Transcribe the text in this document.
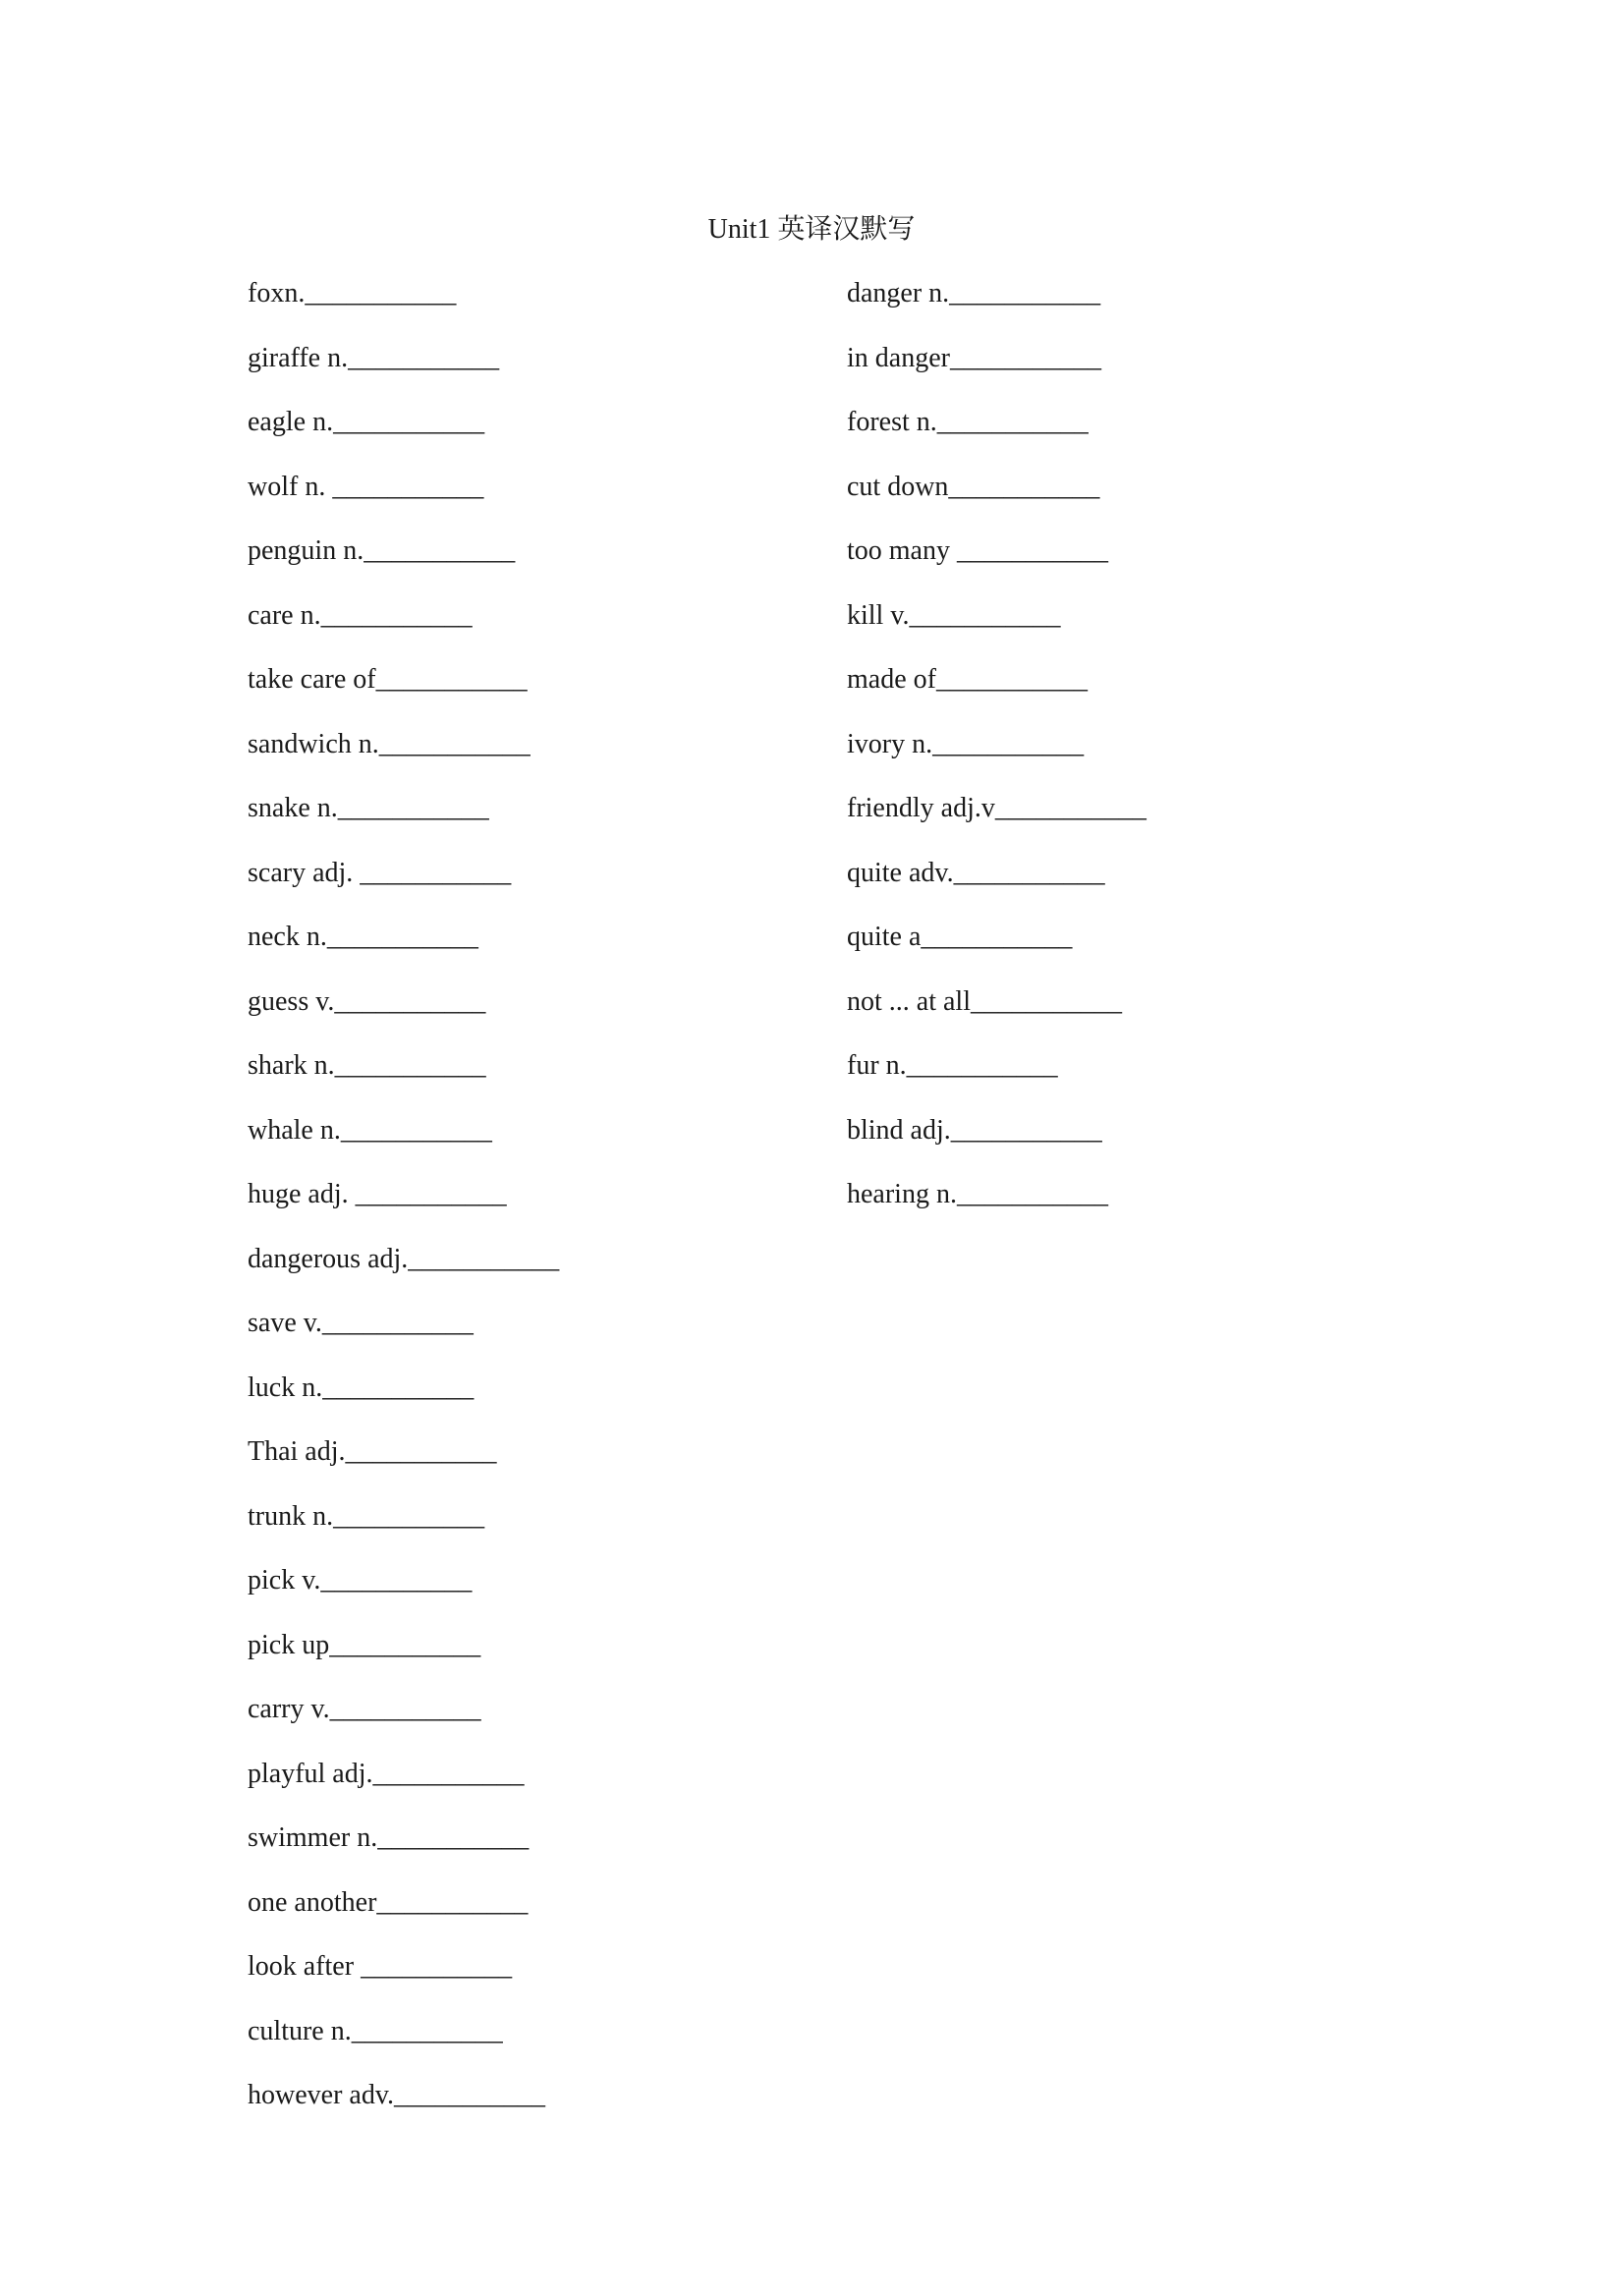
Unit1 英译汉默写
foxn.___________
giraffe n.___________
eagle n.___________
wolf n. ___________
penguin n.___________
care n.___________
take care of___________
sandwich n.___________
snake n.___________
scary adj. ___________
neck n.___________
guess v.___________
shark n.___________
whale n.___________
huge adj. ___________
dangerous adj.___________
save v.___________
luck n.___________
Thai adj.___________
trunk n.___________
pick v.___________
pick up___________
carry v.___________
playful adj.___________
swimmer n.___________
one another___________
look after ___________
culture n.___________
however adv.___________
danger n.___________
in danger___________
forest n.___________
cut down___________
too many ___________
kill v.___________
made of___________
ivory n.___________
friendly adj.v___________
quite adv.___________
quite a___________
not ... at all___________
fur n.___________
blind adj.___________
hearing n.___________
